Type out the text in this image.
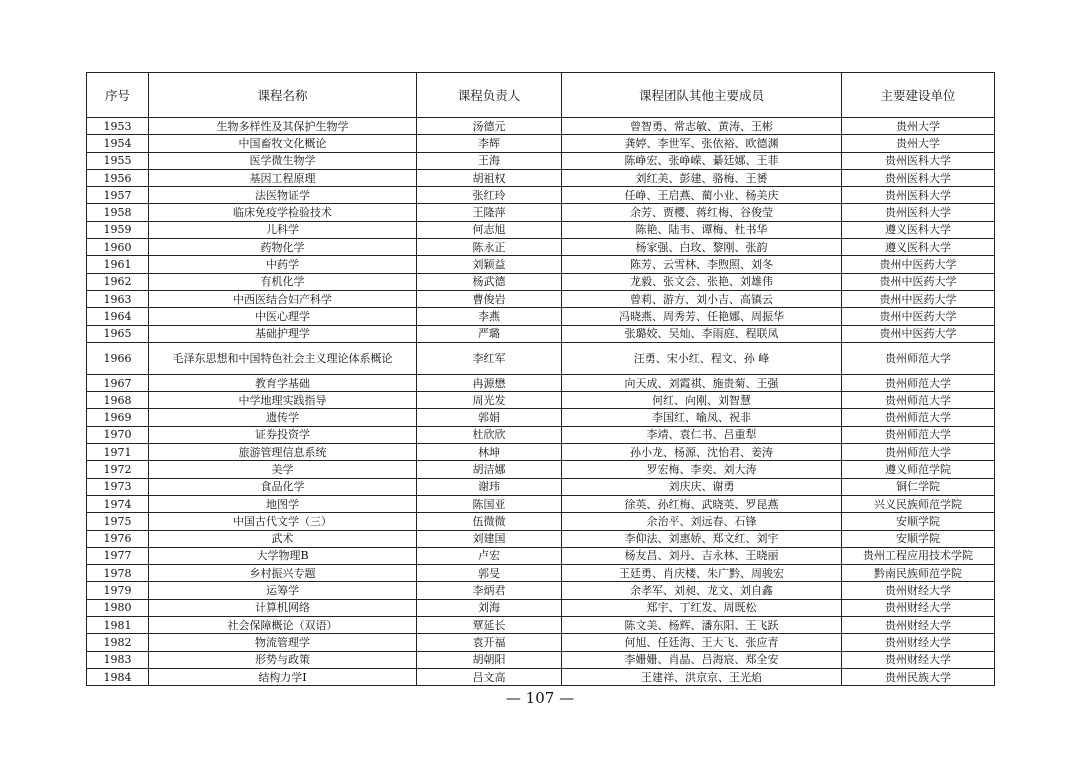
序号	课程名称	课程负责人	课程团队其他主要成员	主要建设单位
1953	生物多样性及其保护生物学	汤德元	曾智勇、常志敏、黄涛、王彬	贵州大学
1954	中国畜牧文化概论	李辉	龚婷、李世军、张依裕、欧德渊	贵州大学
1955	医学微生物学	王海	陈峥宏、张峥嵘、綦廷娜、王菲	贵州医科大学
1956	基因工程原理	胡祖权	刘红美、彭建、骆梅、王赟	贵州医科大学
1957	法医物证学	张红玲	任峥、王启燕、蔺小业、杨美庆	贵州医科大学
1958	临床免疫学检验技术	王隆萍	余芳、贾樱、蒋红梅、谷俊莹	贵州医科大学
1959	儿科学	何志旭	陈艳、陆韦、谭梅、杜书华	遵义医科大学
1960	药物化学	陈永正	杨家强、白玫、黎刚、张韵	遵义医科大学
1961	中药学	刘颖益	陈芳、云雪林、李煦照、刘冬	贵州中医药大学
1962	有机化学	杨武德	龙毅、张文会、张艳、刘雄伟	贵州中医药大学
1963	中西医结合妇产科学	曹俊岩	曾莉、游方、刘小吉、高镇云	贵州中医药大学
1964	中医心理学	李燕	冯晓燕、周秀芳、任艳娜、周振华	贵州中医药大学
1965	基础护理学	严璐	张璐姣、吴灿、李雨庭、程联凤	贵州中医药大学
1966	毛泽东思想和中国特色社会主义理论体系概论	李红军	汪勇、宋小红、程文、孙 峰	贵州师范大学
1967	教育学基础	冉源懋	向天成、刘霞祺、施贵菊、王强	贵州师范大学
1968	中学地理实践指导	周光发	何红、向刚、刘智慧	贵州师范大学
1969	遗传学	郭娟	李国红、喻凤、祝非	贵州师范大学
1970	证券投资学	杜欣欣	李靖、袁仁书、吕重犁	贵州师范大学
1971	旅游管理信息系统	林坤	孙小龙、杨源、沈怡君、姜涛	贵州师范大学
1972	美学	胡洁娜	罗宏梅、李奕、刘大涛	遵义师范学院
1973	食品化学	谢玮	刘庆庆、谢勇	铜仁学院
1974	地图学	陈国亚	徐英、孙红梅、武晓英、罗昆燕	兴义民族师范学院
1975	中国古代文学（三）	伍微微	余治平、刘远春、石锋	安顺学院
1976	武术	刘建国	李仰法、刘惠娇、郑文红、刘宇	安顺学院
1977	大学物理B	卢宏	杨友昌、刘丹、吉永林、王晓丽	贵州工程应用技术学院
1978	乡村振兴专题	郭旻	王廷勇、肖庆楼、朱广黔、周骏宏	黔南民族师范学院
1979	运筹学	李炳君	余孝军、刘昶、龙文、刘自鑫	贵州财经大学
1980	计算机网络	刘海	郑宇、丁红发、周既松	贵州财经大学
1981	社会保障概论（双语）	覃延长	陈文美、杨辉、潘东阳、王飞跃	贵州财经大学
1982	物流管理学	袁开福	何旭、任廷海、王大飞、张应青	贵州财经大学
1983	形势与政策	胡朝阳	李姗姗、肖晶、吕海宸、郑全安	贵州财经大学
1984	结构力学I	吕文高	王建祥、洪京京、王光焰	贵州民族大学
— 107 —
